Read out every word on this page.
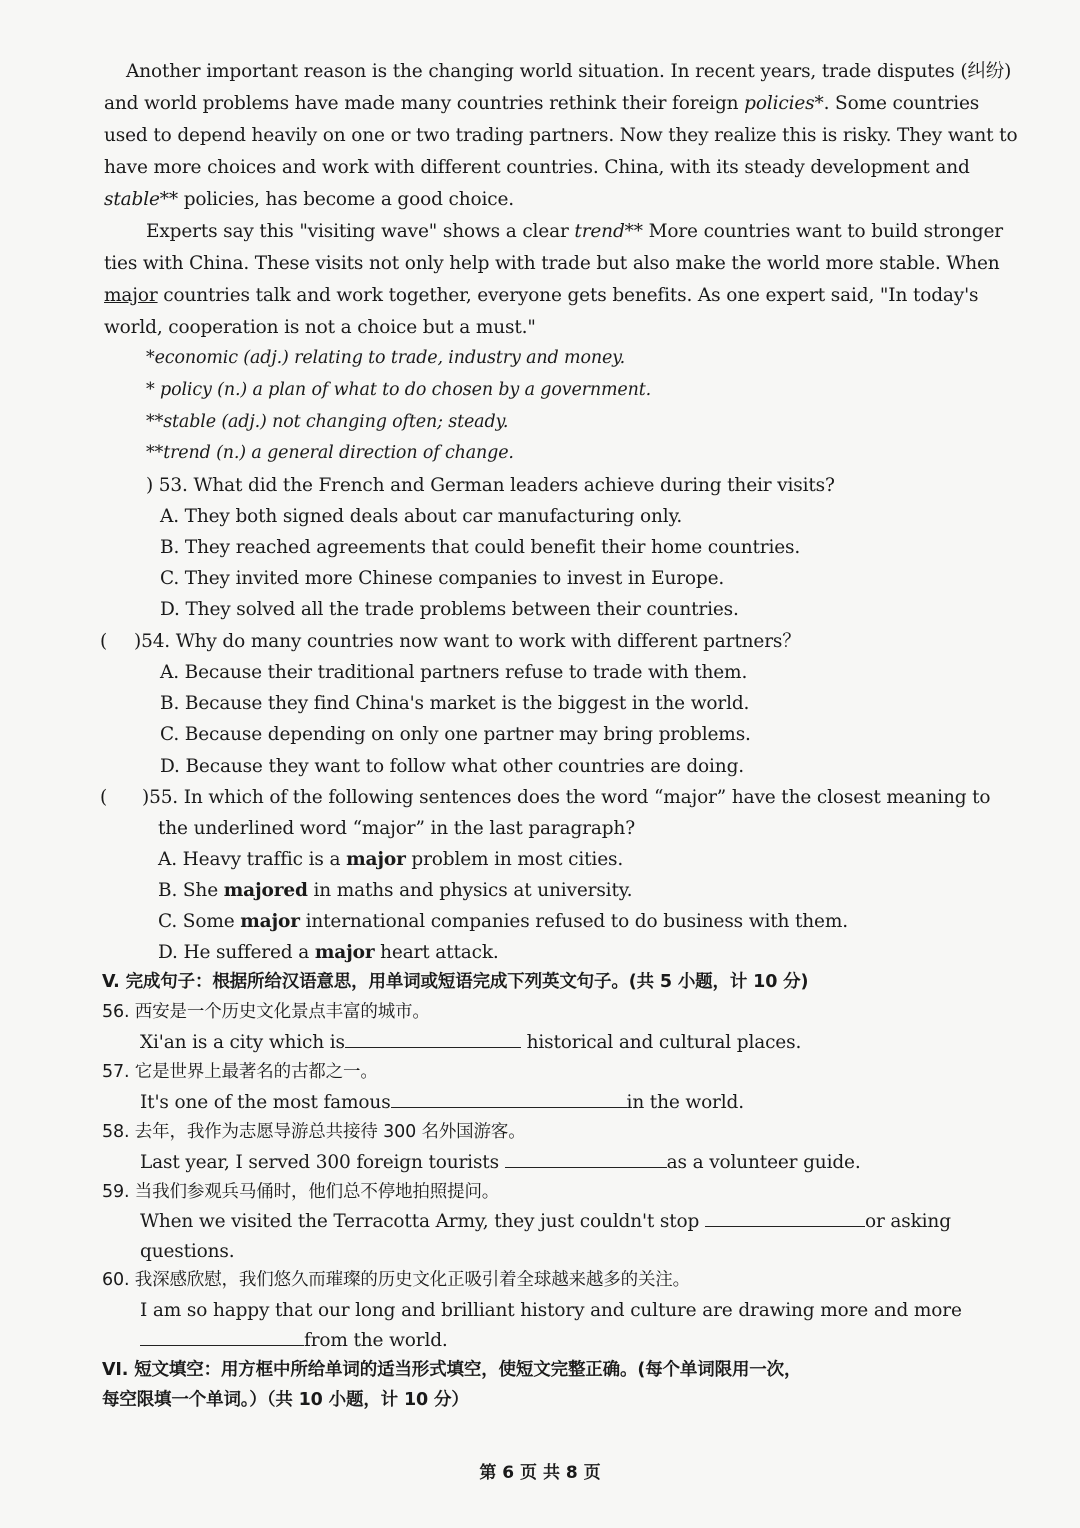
Another important reason is the changing world situation. In recent years, trade disputes (纠纷)
and world problems have made many countries rethink their foreign policies*. Some countries
used to depend heavily on one or two trading partners. Now they realize this is risky. They want to
have more choices and work with different countries. China, with its steady development and
stable** policies, has become a good choice.
Experts say this "visiting wave" shows a clear trend** More countries want to build stronger
ties with China. These visits not only help with trade but also make the world more stable. When
major countries talk and work together, everyone gets benefits. As one expert said, "In today's
world, cooperation is not a choice but a must."
*economic (adj.) relating to trade, industry and money.
* policy (n.) a plan of what to do chosen by a government.
**stable (adj.) not changing often; steady.
**trend (n.) a general direction of change.
) 53. What did the French and German leaders achieve during their visits?
A. They both signed deals about car manufacturing only.
B. They reached agreements that could benefit their home countries.
C. They invited more Chinese companies to invest in Europe.
D. They solved all the trade problems between their countries.
( )54. Why do many countries now want to work with different partners？
A. Because their traditional partners refuse to trade with them.
B. Because they find China's market is the biggest in the world.
C. Because depending on only one partner may bring problems.
D. Because they want to follow what other countries are doing.
( )55. In which of the following sentences does the word “major” have the closest meaning to
the underlined word “major” in the last paragraph?
A. Heavy traffic is a major problem in most cities.
B. She majored in maths and physics at university.
C. Some major international companies refused to do business with them.
D. He suffered a major heart attack.
V. 完成句子：根据所给汉语意思，用单词或短语完成下列英文句子。(共 5 小题，计 10 分)
56. 西安是一个历史文化景点丰富的城市。
Xi'an is a city which is	historical and cultural places.
57. 它是世界上最著名的古都之一。
It's one of the most famous	in the world.
58. 去年，我作为志愿导游总共接待 300 名外国游客。
Last year, I served 300 foreign tourists	as a volunteer guide.
59. 当我们参观兵马俑时，他们总不停地拍照提问。
When we visited the Terracotta Army, they just couldn't stop	or asking
questions.
60. 我深感欣慰，我们悠久而璀璨的历史文化正吸引着全球越来越多的关注。
I am so happy that our long and brilliant history and culture are drawing more and more
from the world.
VI. 短文填空：用方框中所给单词的适当形式填空，使短文完整正确。(每个单词限用一次，
每空限填一个单词。）（共 10 小题，计 10 分）
第 6 页 共 8 页
